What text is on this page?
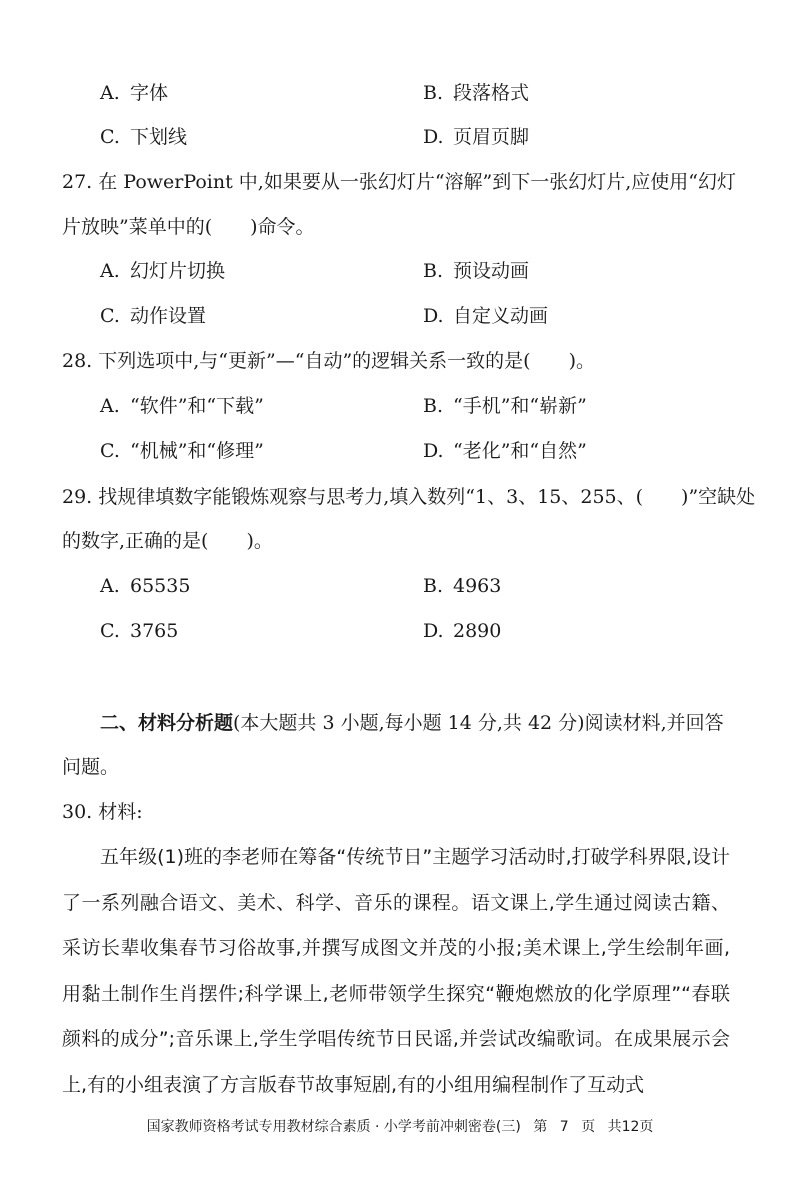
A. 字体	B. 段落格式
C. 下划线	D. 页眉页脚
27. 在 PowerPoint 中,如果要从一张幻灯片“溶解”到下一张幻灯片,应使用“幻灯
片放映”菜单中的(　　)命令。
A. 幻灯片切换	B. 预设动画
C. 动作设置	D. 自定义动画
28. 下列选项中,与“更新”—“自动”的逻辑关系一致的是(　　)。
A. “软件”和“下载”	B. “手机”和“崭新”
C. “机械”和“修理”	D. “老化”和“自然”
29. 找规律填数字能锻炼观察与思考力,填入数列“1、3、15、255、(　　)”空缺处
的数字,正确的是(　　)。
A. 65535	B. 4963
C. 3765	D. 2890
二、材料分析题(本大题共 3 小题,每小题 14 分,共 42 分)阅读材料,并回答
问题。
30. 材料:
五年级(1)班的李老师在筹备“传统节日”主题学习活动时,打破学科界限,设计了一系列融合语文、美术、科学、音乐的课程。语文课上,学生通过阅读古籍、采访长辈收集春节习俗故事,并撰写成图文并茂的小报;美术课上,学生绘制年画,用黏土制作生肖摆件;科学课上,老师带领学生探究“鞭炮燃放的化学原理”“春联颜料的成分”;音乐课上,学生学唱传统节日民谣,并尝试改编歌词。在成果展示会上,有的小组表演了方言版春节故事短剧,有的小组用编程制作了互动式
国家教师资格考试专用教材综合素质 · 小学考前冲刺密卷(三) 第 7 页 共12页
